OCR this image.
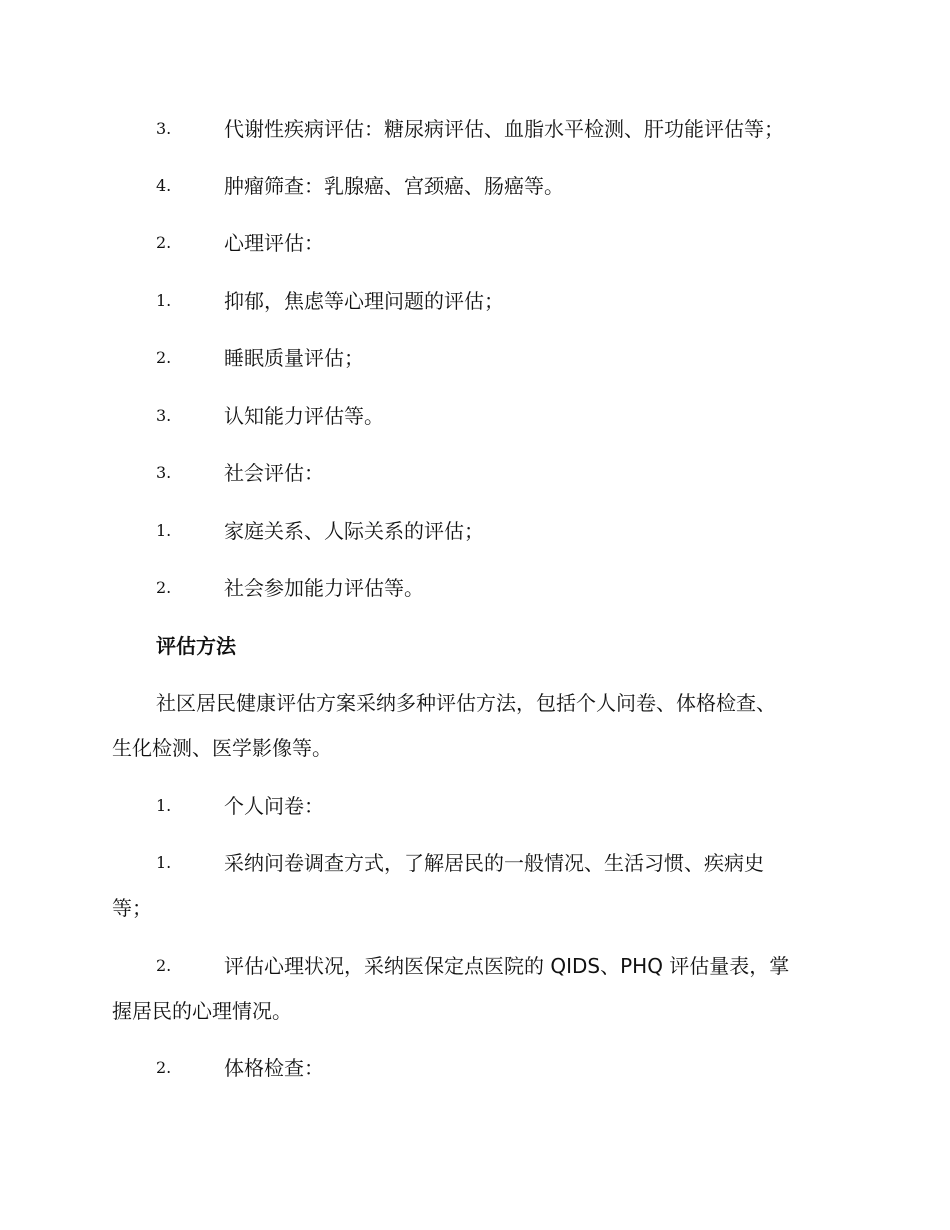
3.	代谢性疾病评估：糖尿病评估、血脂水平检测、肝功能评估等；
4.	肿瘤筛查：乳腺癌、宫颈癌、肠癌等。
2.	心理评估：
1.	抑郁，焦虑等心理问题的评估；
2.	睡眠质量评估；
3.	认知能力评估等。
3.	社会评估：
1.	家庭关系、人际关系的评估；
2.	社会参加能力评估等。
评估方法
社区居民健康评估方案采纳多种评估方法，包括个人问卷、体格检查、
生化检测、医学影像等。
1.	个人问卷：
1.	采纳问卷调查方式，了解居民的一般情况、生活习惯、疾病史
等；
2.	评估心理状况，采纳医保定点医院的 QIDS、PHQ 评估量表，掌
握居民的心理情况。
2.	体格检查：
